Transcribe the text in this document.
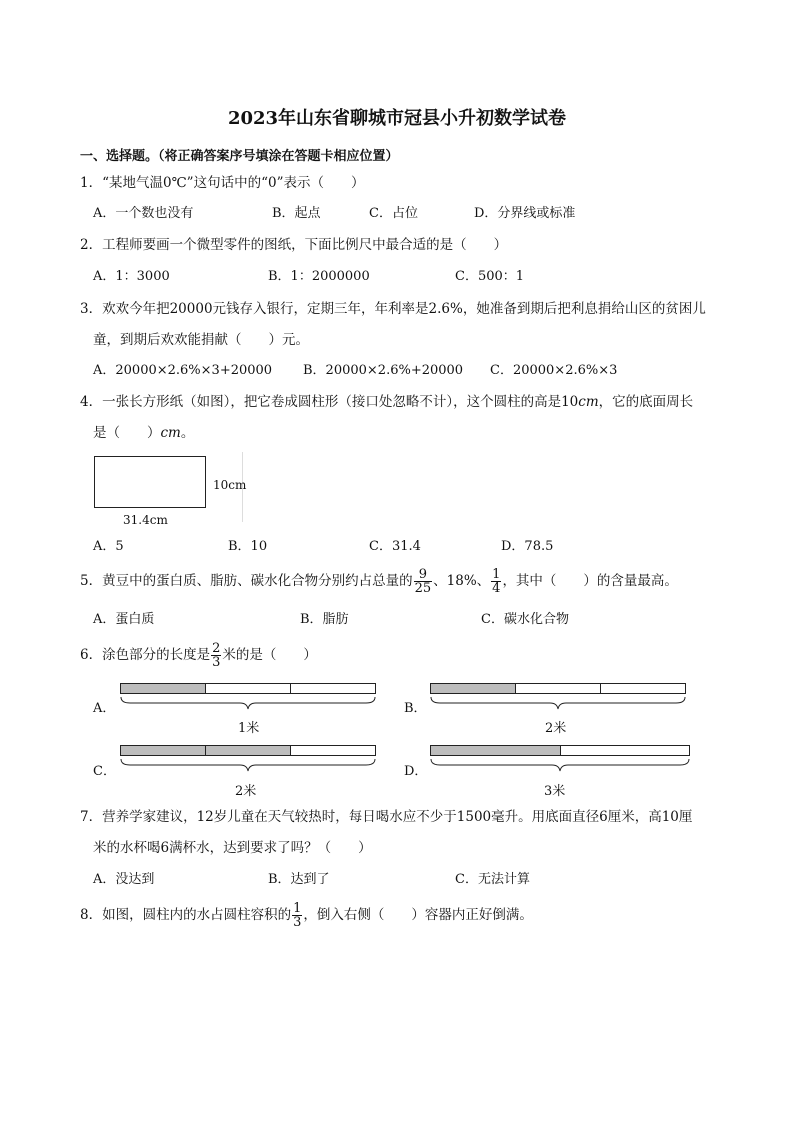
2023年山东省聊城市冠县小升初数学试卷
一、选择题。（将正确答案序号填涂在答题卡相应位置）
1．“某地气温0℃”这句话中的“0”表示（　　）
A．一个数也没有	B．起点	C．占位	D．分界线或标准
2．工程师要画一个微型零件的图纸，下面比例尺中最合适的是（　　）
A．1：3000	B．1：2000000	C．500：1
3．欢欢今年把20000元钱存入银行，定期三年，年利率是2.6%，她准备到期后把利息捐给山区的贫困儿
童，到期后欢欢能捐献（　　）元。
A．20000×2.6%×3+20000 B．20000×2.6%+20000 C．20000×2.6%×3
4．一张长方形纸（如图），把它卷成圆柱形（接口处忽略不计），这个圆柱的高是10cm，它的底面周长
是（　　）cm。
10cm
31.4cm
A．5	B．10	C．31.4	D．78.5
5．黄豆中的蛋白质、脂肪、碳水化合物分别约占总量的 $\frac{9}{25}$ 、18%、 $\frac{1}{4}$ ，其中（　　）的含量最高。
A．蛋白质	B．脂肪	C．碳水化合物
6．涂色部分的长度是 $\frac{2}{3}$ 米的是（　　）
A．
1米
B．
2米
C．
2米
D．
3米
7．营养学家建议，12岁儿童在天气较热时，每日喝水应不少于1500毫升。用底面直径6厘米，高10厘
米的水杯喝6满杯水，达到要求了吗？（　　）
A．没达到	B．达到了	C．无法计算
8．如图，圆柱内的水占圆柱容积的 $\frac{1}{3}$ ，倒入右侧（　　）容器内正好倒满。
